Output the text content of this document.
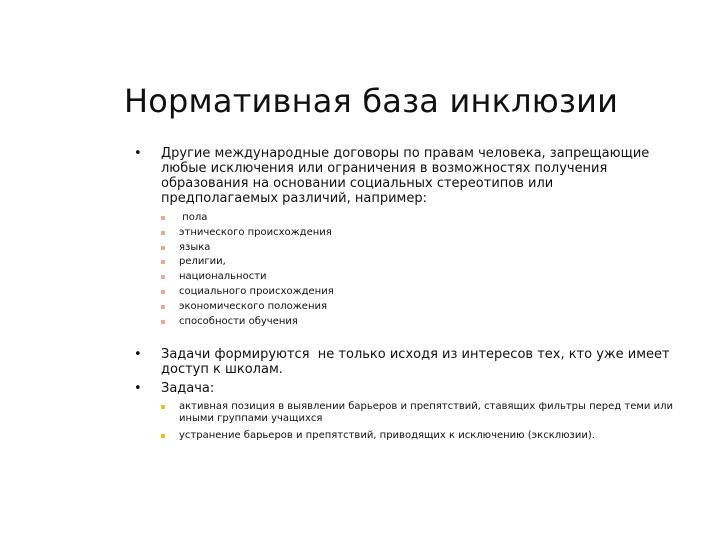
Нормативная база инклюзии
• Другие международные договоры по правам человека, запрещающие любые исключения или ограничения в возможностях получения образования на основании социальных стереотипов или предполагаемых различий, например:
пола
этнического происхождения
языка
религии,
национальности
социального происхождения
экономического положения
способности обучения
• Задачи формируются  не только исходя из интересов тех, кто уже имеет доступ к школам.
• Задача:
активная позиция в выявлении барьеров и препятствий, ставящих фильтры перед теми или иными группами учащихся
устранение барьеров и препятствий, приводящих к исключению (эксклюзии).
